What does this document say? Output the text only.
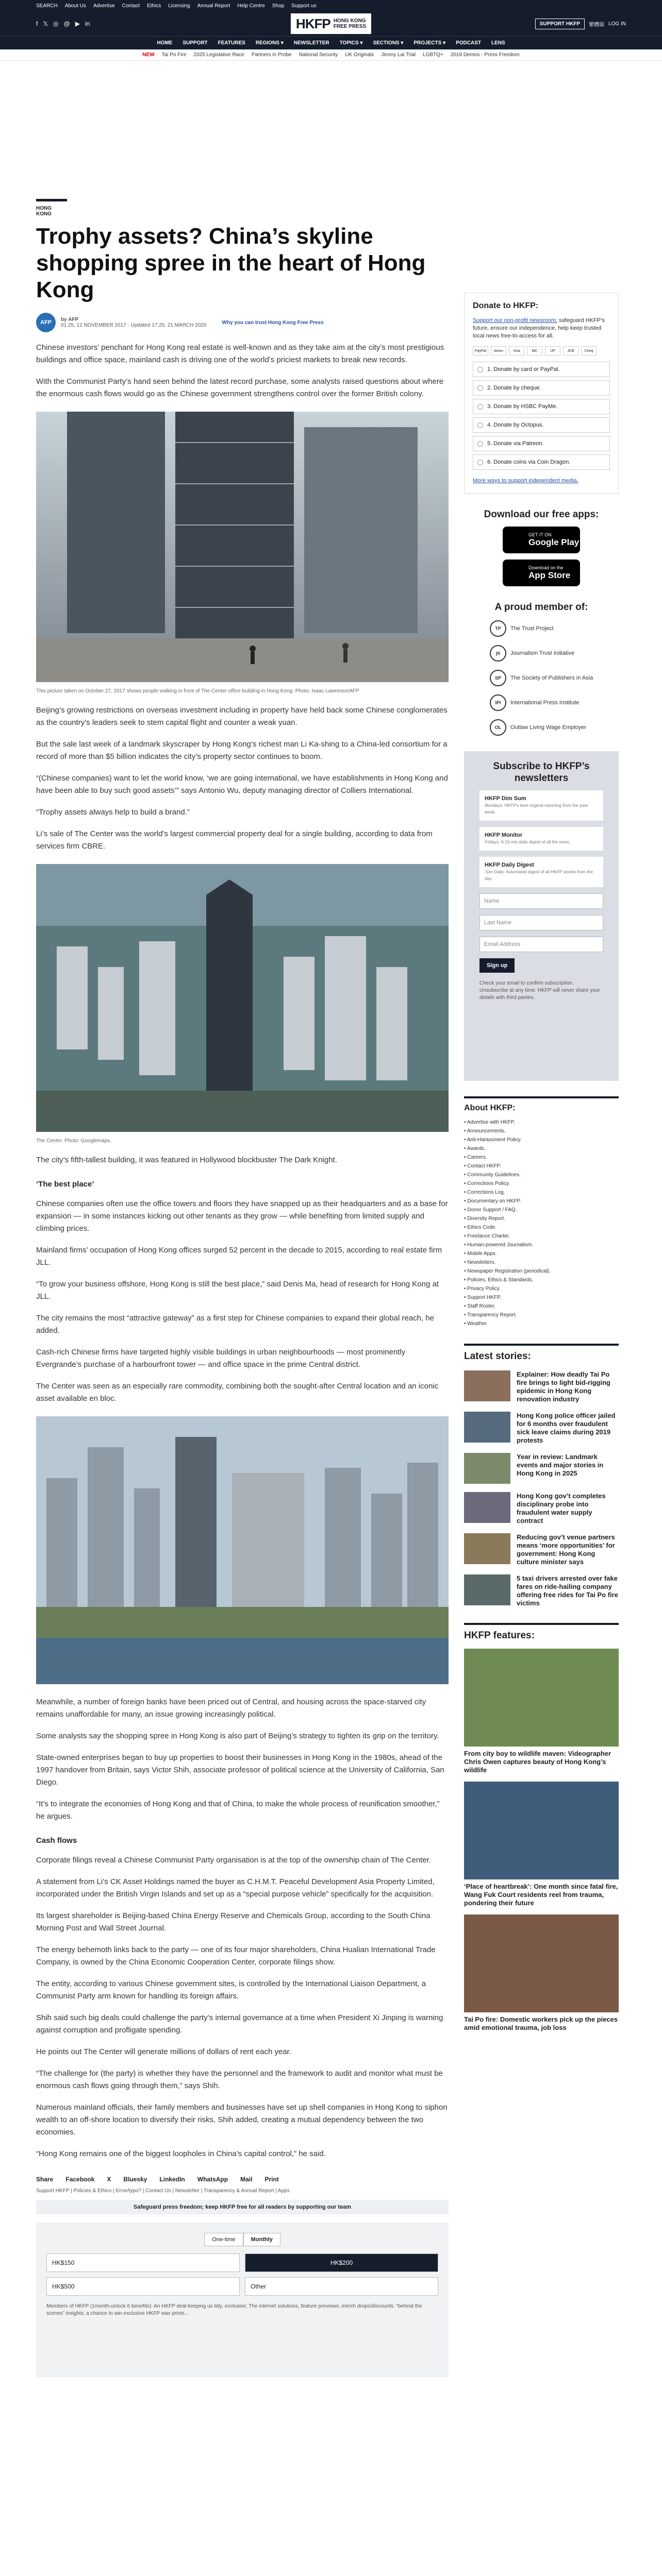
SEARCH About Us Advertise Contact Ethics Licensing Annual Report Help Centre Shop Support us
f 𝕏 ◎ @ ▶ in	HKFP HONG KONG
FREE PRESS	SUPPORT HKFP	繁體版 LOG IN
HOME SUPPORT FEATURES REGIONS ▾ NEWSLETTER TOPICS ▾ SECTIONS ▾ PROJECTS ▾ PODCAST LENS
NEW Tai Po Fire 2025 Legislative Race Partners in Probe National Security UK Originals Jimmy Lai Trial LGBTQ+ 2019 Demos - Press Freedom
HONG KONG
Trophy assets? China’s skyline shopping spree in the heart of Hong Kong
AFP	by AFP
01:25, 12 NOVEMBER 2017 · Updated 17:25, 21 MARCH 2020	Why you can trust Hong Kong Free Press

Chinese investors’ penchant for Hong Kong real estate is well-known and as they take aim at the city’s most prestigious buildings and office space, mainland cash is driving one of the world’s priciest markets to break new records.

With the Communist Party’s hand seen behind the latest record purchase, some analysts raised questions about where the enormous cash flows would go as the Chinese government strengthens control over the former British colony.

This picture taken on October 27, 2017 shows people walking in front of The Center office building in Hong Kong. Photo: Isaac Lawrence/AFP

Beijing’s growing restrictions on overseas investment including in property have held back some Chinese conglomerates as the country’s leaders seek to stem capital flight and counter a weak yuan.

But the sale last week of a landmark skyscraper by Hong Kong’s richest man Li Ka-shing to a China-led consortium for a record of more than $5 billion indicates the city’s property sector continues to boom.

“(Chinese companies) want to let the world know, ‘we are going international, we have establishments in Hong Kong and have been able to buy such good assets’” says Antonio Wu, deputy managing director of Colliers International.

“Trophy assets always help to build a brand.”

Li’s sale of The Center was the world’s largest commercial property deal for a single building, according to data from services firm CBRE.

The Center. Photo: Googlemaps.

The city’s fifth-tallest building, it was featured in Hollywood blockbuster The Dark Knight.

‘The best place’

Chinese companies often use the office towers and floors they have snapped up as their headquarters and as a base for expansion — in some instances kicking out other tenants as they grow — while benefiting from limited supply and climbing prices.

Mainland firms’ occupation of Hong Kong offices surged 52 percent in the decade to 2015, according to real estate firm JLL.

“To grow your business offshore, Hong Kong is still the best place,” said Denis Ma, head of research for Hong Kong at JLL.

The city remains the most “attractive gateway” as a first step for Chinese companies to expand their global reach, he added.

Cash-rich Chinese firms have targeted highly visible buildings in urban neighbourhoods — most prominently Evergrande’s purchase of a harbourfront tower — and office space in the prime Central district.

The Center was seen as an especially rare commodity, combining both the sought-after Central location and an iconic asset available en bloc.

Meanwhile, a number of foreign banks have been priced out of Central, and housing across the space-starved city remains unaffordable for many, an issue growing increasingly political.

Some analysts say the shopping spree in Hong Kong is also part of Beijing’s strategy to tighten its grip on the territory.

State-owned enterprises began to buy up properties to boost their businesses in Hong Kong in the 1980s, ahead of the 1997 handover from Britain, says Victor Shih, associate professor of political science at the University of California, San Diego.

“It’s to integrate the economies of Hong Kong and that of China, to make the whole process of reunification smoother,” he argues.

Cash flows

Corporate filings reveal a Chinese Communist Party organisation is at the top of the ownership chain of The Center.

A statement from Li’s CK Asset Holdings named the buyer as C.H.M.T. Peaceful Development Asia Property Limited, incorporated under the British Virgin Islands and set up as a “special purpose vehicle” specifically for the acquisition.

Its largest shareholder is Beijing-based China Energy Reserve and Chemicals Group, according to the South China Morning Post and Wall Street Journal.

The energy behemoth links back to the party — one of its four major shareholders, China Hualian International Trade Company, is owned by the China Economic Cooperation Center, corporate filings show.

The entity, according to various Chinese government sites, is controlled by the International Liaison Department, a Communist Party arm known for handling its foreign affairs.

Shih said such big deals could challenge the party’s internal governance at a time when President Xi Jinping is warning against corruption and profligate spending.

He points out The Center will generate millions of dollars of rent each year.

“The challenge for (the party) is whether they have the personnel and the framework to audit and monitor what must be enormous cash flows going through them,” says Shih.

Numerous mainland officials, their family members and businesses have set up shell companies in Hong Kong to siphon wealth to an off-shore location to diversify their risks, Shih added, creating a mutual dependency between the two economies.

“Hong Kong remains one of the biggest loopholes in China’s capital control,” he said.

Share Facebook X Bluesky LinkedIn WhatsApp Mail Print
Support HKFP | Policies & Ethics | Error/typo? | Contact Us | Newsletter | Transparency & Annual Report | Apps
Safeguard press freedom; keep HKFP free for all readers by supporting our team
One-time	Monthly
HK$150	HK$200
HK$500	Other
Members of HKFP (1month-unlock 6 benefits): An HKFP deal keeping us tidy, exclusive; The internet solutions, feature previews; merch drops/discounts; “behind the scenes” insights; a chance to win exclusive HKFP wax prints...
Donate to HKFP:

Support our non-profit newsroom; safeguard HKFP’s future, ensure our independence, help keep trusted local news free-to-access for all.

PayPal	Amex	Visa	MC	UP	JCB	Cheq
1. Donate by card or PayPal.
2. Donate by cheque.
3. Donate by HSBC PayMe.
4. Donate by Octopus.
5. Donate via Patreon.
6. Donate coins via Coin Dragon.

More ways to support independent media.

Download our free apps:
GET IT ON
Google Play
Download on the
App Store
A proud member of:
TP	The Trust Project
jti	Journalism Trust Initiative
SP	The Society of Publishers in Asia
IPI	International Press Institute
OL	Outlaw Living Wage Employer
Subscribe to HKFP’s newsletters
HKFP Dim Sum
Mondays: HKFP’s best original reporting from the past week.
HKFP Monitor
Fridays: A 10-min daily digest of all the news.
HKFP Daily Digest
7pm Daily: Automated digest of all HKFP stories from the day.
Name
Last Name
Email Address
Sign up

Check your email to confirm subscription. Unsubscribe at any time. HKFP will never share your details with third parties.

About HKFP:
• Advertise with HKFP.
• Announcements.
• Anti-Harassment Policy.
• Awards.
• Careers.
• Contact HKFP.
• Community Guidelines.
• Corrections Policy.
• Corrections Log.
• Documentary on HKFP.
• Donor Support / FAQ.
• Diversity Report.
• Ethics Code.
• Freelance Charter.
• Human-powered Journalism.
• Mobile Apps.
• Newsletters.
• Newspaper Registration (periodical).
• Policies, Ethics & Standards.
• Privacy Policy.
• Support HKFP.
• Staff Roster.
• Transparency Report.
• Weather.
Latest stories:
Explainer: How deadly Tai Po fire brings to light bid-rigging epidemic in Hong Kong renovation industry
Hong Kong police officer jailed for 6 months over fraudulent sick leave claims during 2019 protests
Year in review: Landmark events and major stories in Hong Kong in 2025
Hong Kong gov’t completes disciplinary probe into fraudulent water supply contract
Reducing gov’t venue partners means ‘more opportunities’ for government: Hong Kong culture minister says
5 taxi drivers arrested over fake fares on ride-hailing company offering free rides for Tai Po fire victims
HKFP features:
From city boy to wildlife maven: Videographer Chris Owen captures beauty of Hong Kong’s wildlife
‘Place of heartbreak’: One month since fatal fire, Wang Fuk Court residents reel from trauma, pondering their future
Tai Po fire: Domestic workers pick up the pieces amid emotional trauma, job loss
